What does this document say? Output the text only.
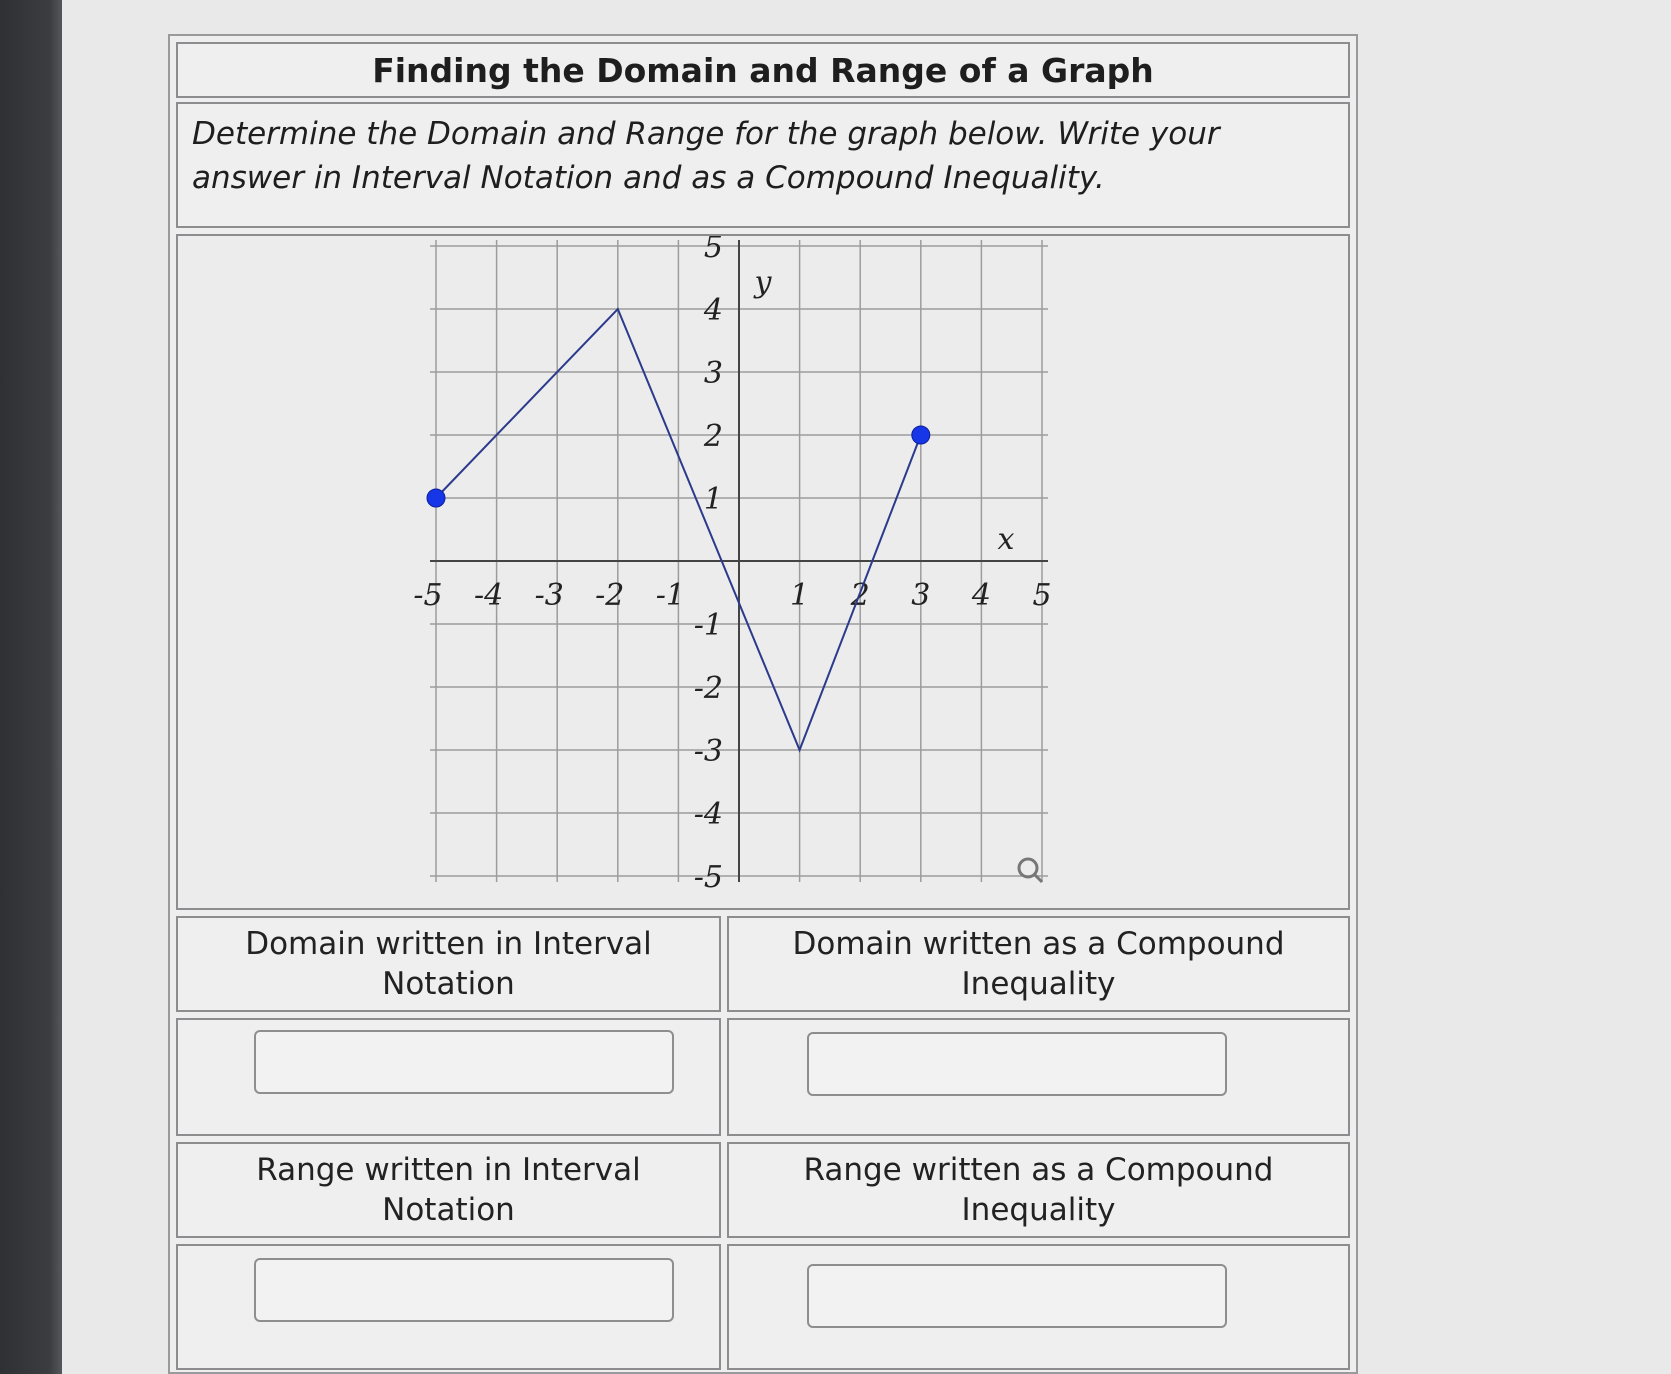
Finding the Domain and Range of a Graph
Determine the Domain and Range for the graph below. Write your answer in Interval Notation and as a Compound Inequality.
-5 -4 -3 -2 -1	1 2 3 4 5
5
4
3
2
1
-1
-2
-3
-4
-5
x
y
Domain written in Interval Notation
Domain written as a Compound Inequality
Range written in Interval Notation
Range written as a Compound Inequality
